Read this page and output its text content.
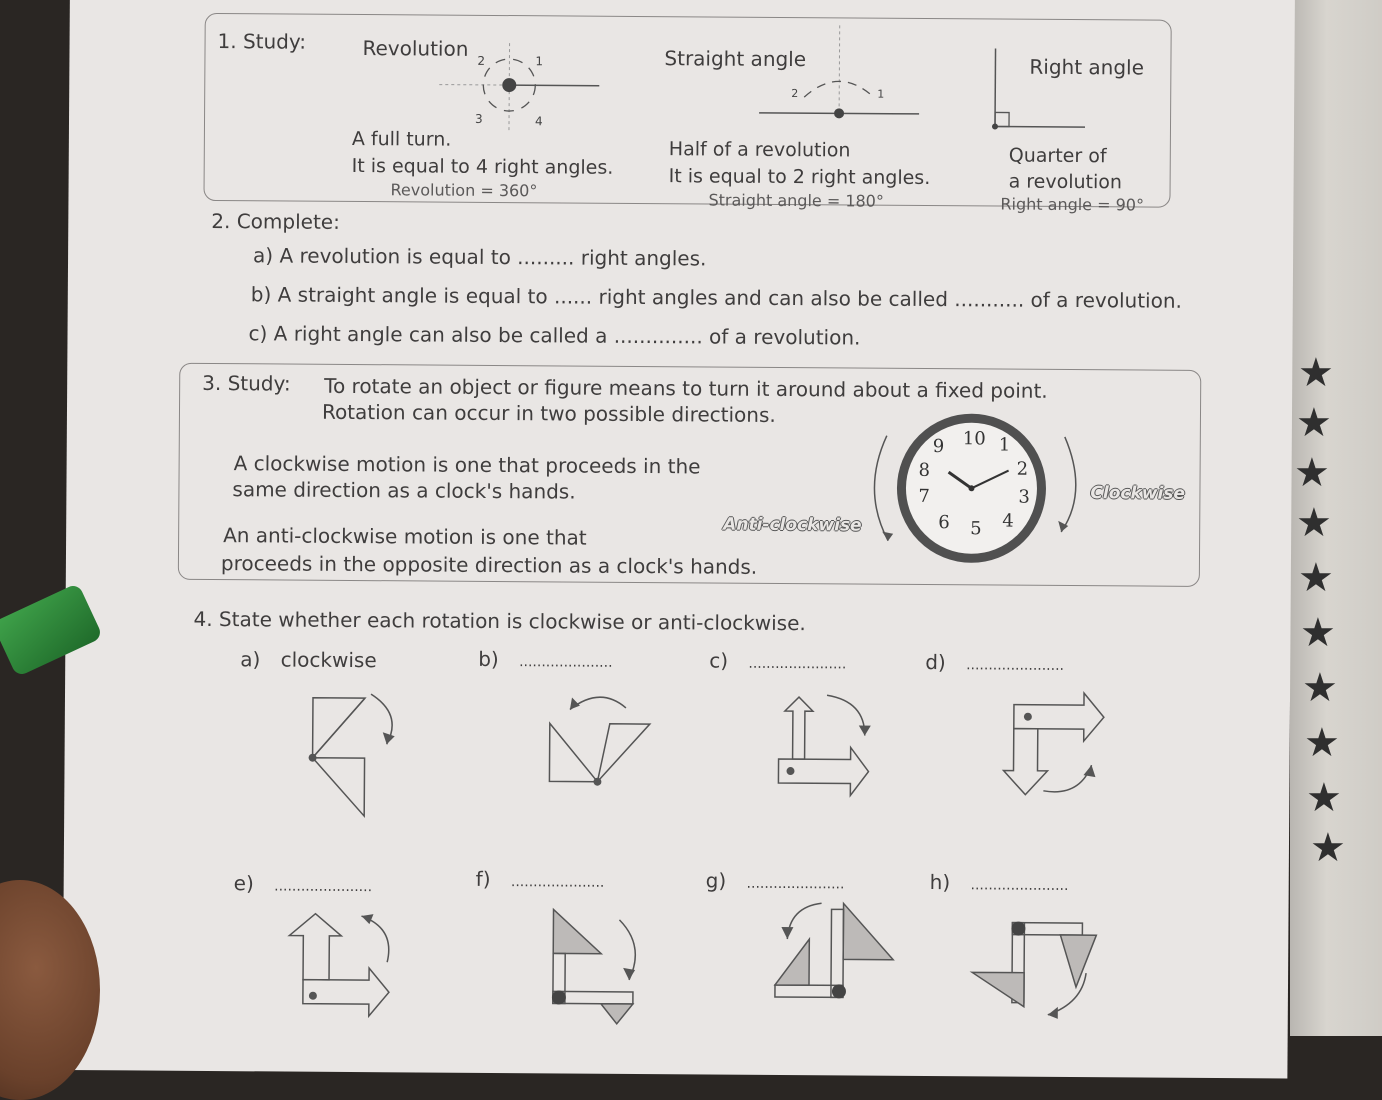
★
★
★
★
★
★
★
★
★
★
1. Study:	Revolution
1
2
3	4
A full turn.
It is equal to 4 right angles.
Revolution = 360°
Straight angle
1
2
Half of a revolution
It is equal to 2 right angles.
Straight angle = 180°
Right angle
Quarter of
a revolution
Right angle = 90°
2. Complete:
a) A revolution is equal to ......... right angles.
b) A straight angle is equal to ...... right angles and can also be called ........... of a revolution.
c) A right angle can also be called a .............. of a revolution.
3. Study: To rotate an object or figure means to turn it around about a fixed point.
Rotation can occur in two possible directions.
A clockwise motion is one that proceeds in the
same direction as a clock's hands.
An anti-clockwise motion is one that
proceeds in the opposite direction as a clock's hands.
Anti-clockwise
Clockwise
10 1
9
2
8
3
7
4
6 5
4. State whether each rotation is clockwise or anti-clockwise.
a) clockwise	b) .....................	c) ......................	d) ......................
e) ......................	f) .....................	g) ......................	h) ......................
